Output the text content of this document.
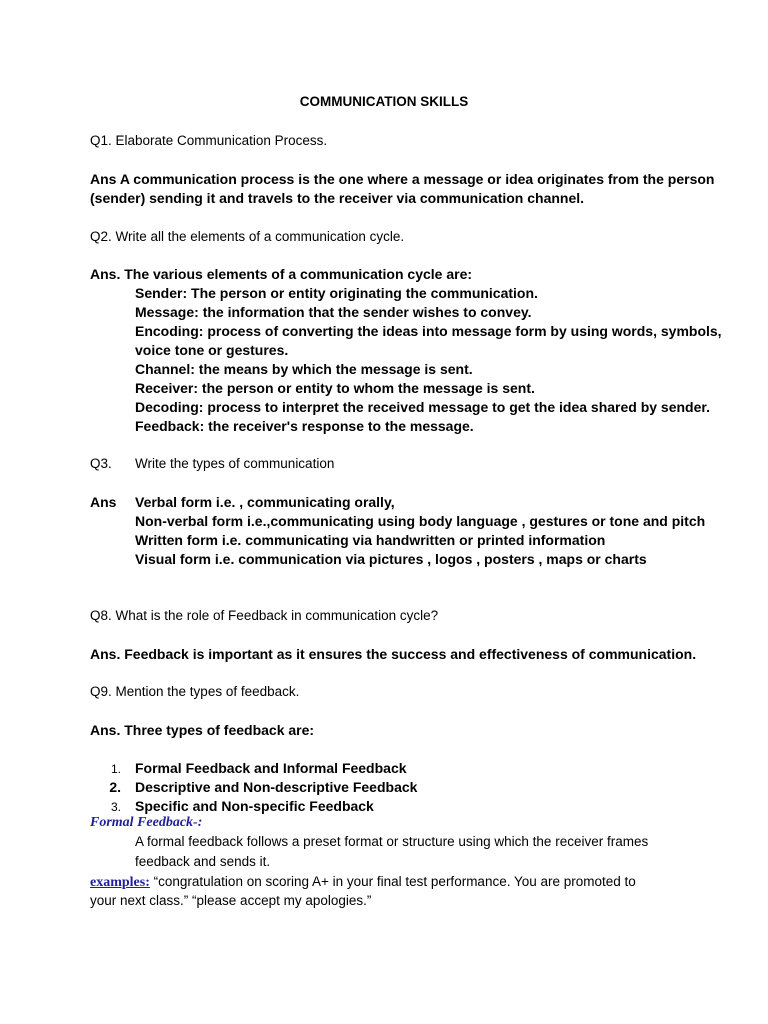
COMMUNICATION SKILLS
Q1. Elaborate Communication Process.
Ans A communication process is the one where a message or idea originates from the person
(sender) sending it and travels to the receiver via communication channel.
Q2. Write all the elements of a communication cycle.
Ans. The various elements of a communication cycle are:
Sender: The person or entity originating the communication.
Message: the information that the sender wishes to convey.
Encoding: process of converting the ideas into message form by using words, symbols,
voice tone or gestures.
Channel: the means by which the message is sent.
Receiver: the person or entity to whom the message is sent.
Decoding: process to interpret the received message to get the idea shared by sender.
Feedback: the receiver's response to the message.
Q3. Write the types of communication
Ans Verbal form i.e. , communicating orally,
Non-verbal form i.e.,communicating using body language , gestures or tone and pitch
Written form i.e. communicating via handwritten or printed information
Visual form i.e. communication via pictures , logos , posters , maps or charts
Q8. What is the role of Feedback in communication cycle?
Ans. Feedback is important as it ensures the success and effectiveness of communication.
Q9. Mention the types of feedback.
Ans. Three types of feedback are:
1. Formal Feedback and Informal Feedback
2. Descriptive and Non-descriptive Feedback
3. Specific and Non-specific Feedback
Formal Feedback-:
A formal feedback follows a preset format or structure using which the receiver frames
feedback and sends it.
examples: “congratulation on scoring A+ in your final test performance. You are promoted to
your next class.” “please accept my apologies.”
